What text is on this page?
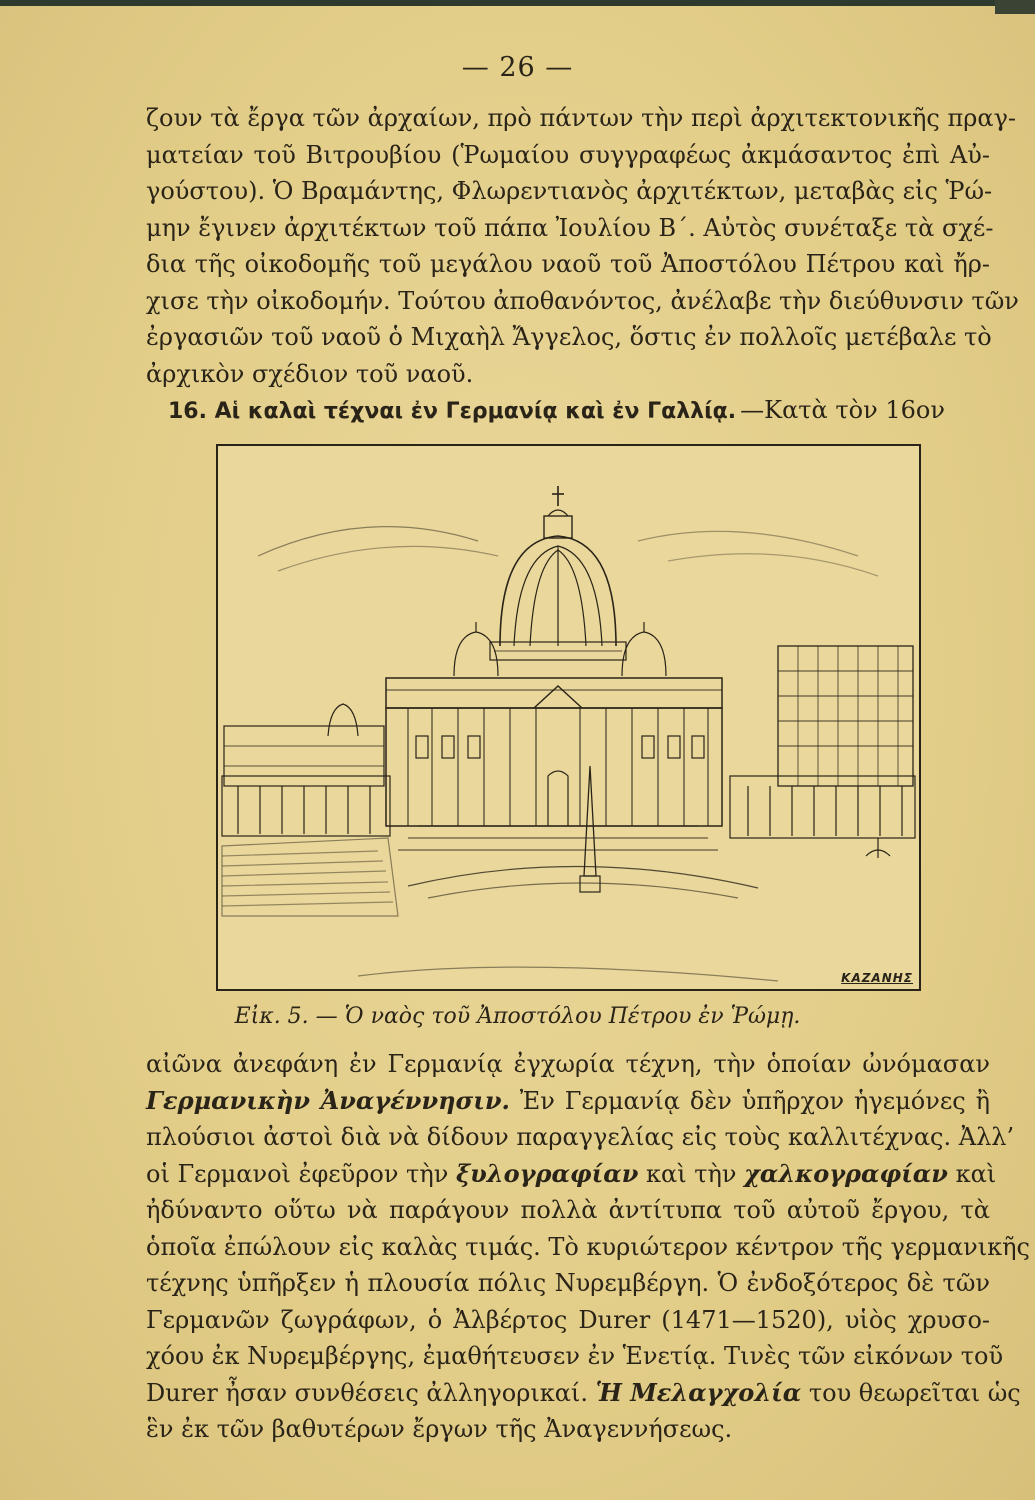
— 26 —
ζουν τὰ ἔργα τῶν ἀρχαίων, πρὸ πάντων τὴν περὶ ἀρχιτεκτονικῆς πραγ-
ματείαν τοῦ Βιτρουβίου (Ῥωμαίου συγγραφέως ἀκμάσαντος ἐπὶ Αὐ-
γούστου). Ὁ Βραμάντης, Φλωρεντιανὸς ἀρχιτέκτων, μεταβὰς εἰς Ῥώ-
μην ἔγινεν ἀρχιτέκτων τοῦ πάπα Ἰουλίου Β΄. Αὐτὸς συνέταξε τὰ σχέ-
δια τῆς οἰκοδομῆς τοῦ μεγάλου ναοῦ τοῦ Ἀποστόλου Πέτρου καὶ ἤρ-
χισε τὴν οἰκοδομήν. Τούτου ἀποθανόντος, ἀνέλαβε τὴν διεύθυνσιν τῶν
ἐργασιῶν τοῦ ναοῦ ὁ Μιχαὴλ Ἄγγελος, ὅστις ἐν πολλοῖς μετέβαλε τὸ
ἀρχικὸν σχέδιον τοῦ ναοῦ.
16. Αἱ καλαὶ τέχναι ἐν Γερμανίᾳ καὶ ἐν Γαλλίᾳ. —Κατὰ τὸν 16ον
ΚΑΖΑΝΗΣ
Εἰκ. 5. — Ὁ ναὸς τοῦ Ἀποστόλου Πέτρου ἐν Ῥώμῃ.
αἰῶνα ἀνεφάνη ἐν Γερμανίᾳ ἐγχωρία τέχνη, τὴν ὁποίαν ὠνόμασαν
Γερμανικὴν Ἀναγέννησιν. Ἐν Γερμανίᾳ δὲν ὑπῆρχον ἡγεμόνες ἢ
πλούσιοι ἀστοὶ διὰ νὰ δίδουν παραγγελίας εἰς τοὺς καλλιτέχνας. Ἀλλ’
οἱ Γερμανοὶ ἐφεῦρον τὴν ξυλογραφίαν καὶ τὴν χαλκογραφίαν καὶ
ἠδύναντο οὕτω νὰ παράγουν πολλὰ ἀντίτυπα τοῦ αὐτοῦ ἔργου, τὰ
ὁποῖα ἐπώλουν εἰς καλὰς τιμάς. Τὸ κυριώτερον κέντρον τῆς γερμανικῆς
τέχνης ὑπῆρξεν ἡ πλουσία πόλις Νυρεμβέργη. Ὁ ἐνδοξότερος δὲ τῶν
Γερμανῶν ζωγράφων, ὁ Ἀλβέρτος Durer (1471—1520), υἱὸς χρυσο-
χόου ἐκ Νυρεμβέργης, ἐμαθήτευσεν ἐν Ἑνετίᾳ. Τινὲς τῶν εἰκόνων τοῦ
Durer ἦσαν συνθέσεις ἀλληγορικαί. Ἡ Μελαγχολία του θεωρεῖται ὡς
ἓν ἐκ τῶν βαθυτέρων ἔργων τῆς Ἀναγεννήσεως.
